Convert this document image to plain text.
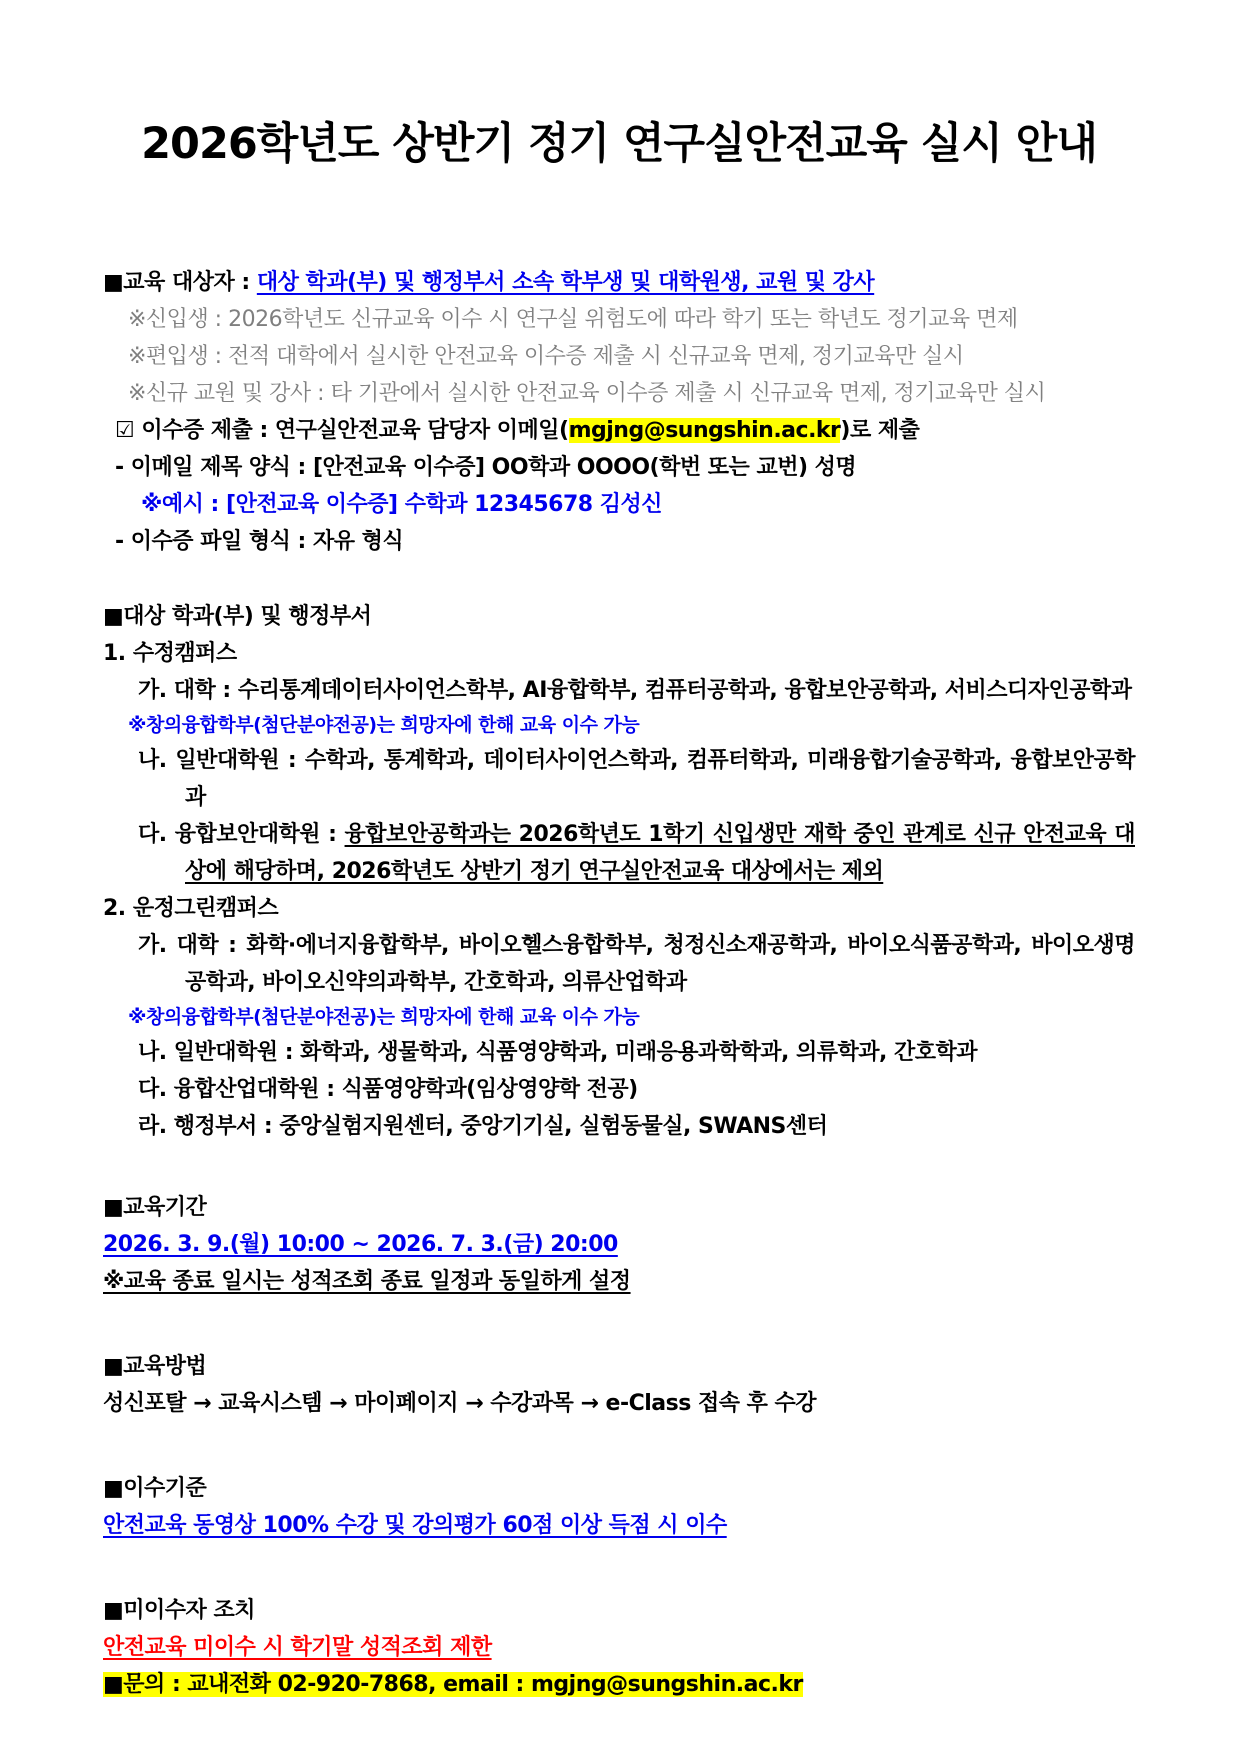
2026학년도 상반기 정기 연구실안전교육 실시 안내

■교육 대상자 : 대상 학과(부) 및 행정부서 소속 학부생 및 대학원생, 교원 및 강사

※신입생 : 2026학년도 신규교육 이수 시 연구실 위험도에 따라 학기 또는 학년도 정기교육 면제

※편입생 : 전적 대학에서 실시한 안전교육 이수증 제출 시 신규교육 면제, 정기교육만 실시

※신규 교원 및 강사 : 타 기관에서 실시한 안전교육 이수증 제출 시 신규교육 면제, 정기교육만 실시

☑ 이수증 제출 : 연구실안전교육 담당자 이메일(mgjng@sungshin.ac.kr)로 제출

- 이메일 제목 양식 : [안전교육 이수증] OO학과 OOOO(학번 또는 교번) 성명

※예시 : [안전교육 이수증] 수학과 12345678 김성신

- 이수증 파일 형식 : 자유 형식

■대상 학과(부) 및 행정부서

1. 수정캠퍼스

가. 대학 : 수리통계데이터사이언스학부, AI융합학부, 컴퓨터공학과, 융합보안공학과, 서비스디자인공학과

※창의융합학부(첨단분야전공)는 희망자에 한해 교육 이수 가능

나. 일반대학원 : 수학과, 통계학과, 데이터사이언스학과, 컴퓨터학과, 미래융합기술공학과, 융합보안공학과

다. 융합보안대학원 : 융합보안공학과는 2026학년도 1학기 신입생만 재학 중인 관계로 신규 안전교육 대상에 해당하며, 2026학년도 상반기 정기 연구실안전교육 대상에서는 제외

2. 운정그린캠퍼스

가. 대학 : 화학·에너지융합학부, 바이오헬스융합학부, 청정신소재공학과, 바이오식품공학과, 바이오생명공학과, 바이오신약의과학부, 간호학과, 의류산업학과

※창의융합학부(첨단분야전공)는 희망자에 한해 교육 이수 가능

나. 일반대학원 : 화학과, 생물학과, 식품영양학과, 미래응용과학학과, 의류학과, 간호학과

다. 융합산업대학원 : 식품영양학과(임상영양학 전공)

라. 행정부서 : 중앙실험지원센터, 중앙기기실, 실험동물실, SWANS센터

■교육기간

2026. 3. 9.(월) 10:00 ~ 2026. 7. 3.(금) 20:00

※교육 종료 일시는 성적조회 종료 일정과 동일하게 설정

■교육방법

성신포탈 → 교육시스템 → 마이페이지 → 수강과목 → e-Class 접속 후 수강

■이수기준

안전교육 동영상 100% 수강 및 강의평가 60점 이상 득점 시 이수

■미이수자 조치

안전교육 미이수 시 학기말 성적조회 제한

■문의 : 교내전화 02-920-7868, email : mgjng@sungshin.ac.kr
